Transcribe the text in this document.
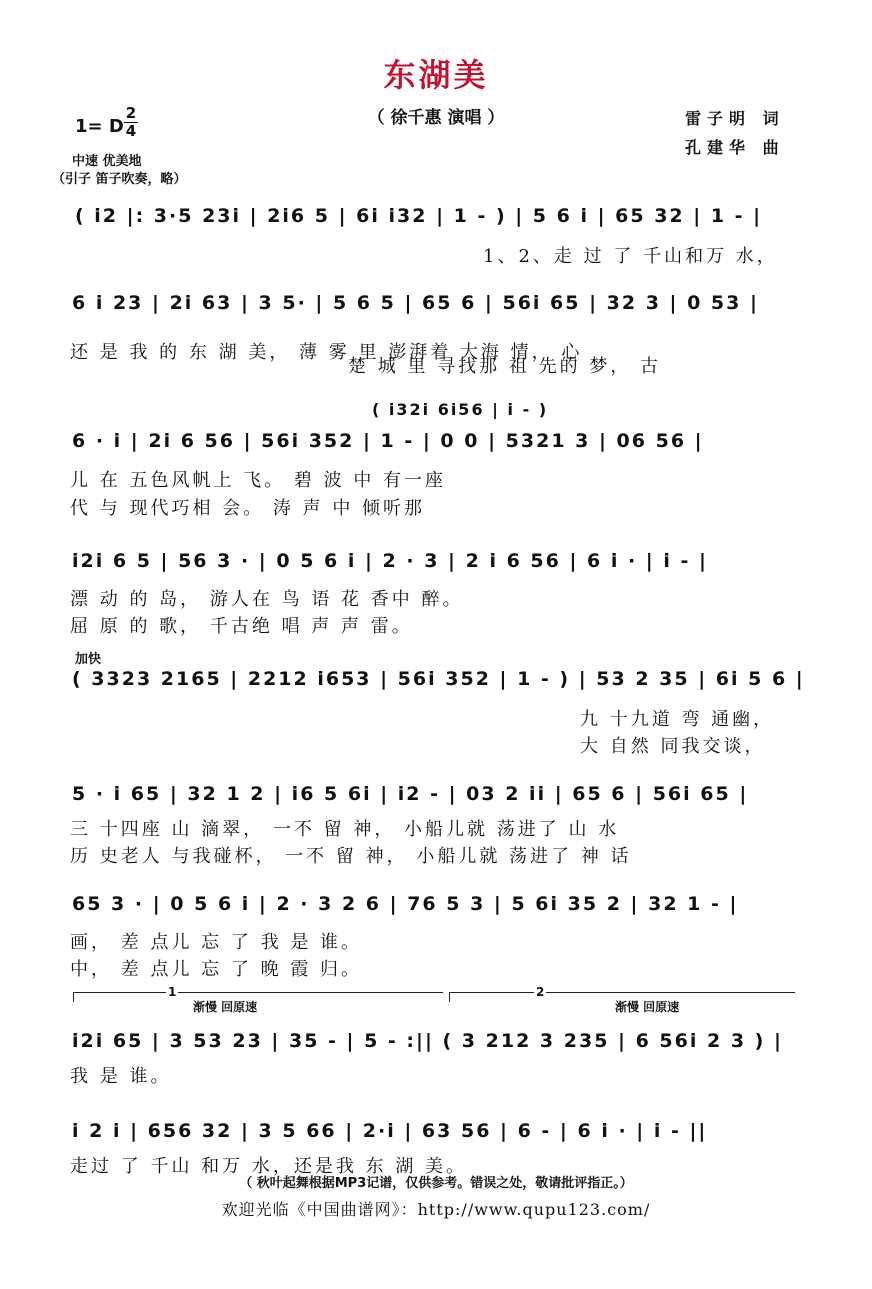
东湖美
（ 徐千惠 演唱 ）	雷子明 词
孔建华 曲
1= D
2
4
中速 优美地
（引子 笛子吹奏，略）
( i2 |: 3·5 23i | 2i6 5 | 6i i32 | 1 - ) | 5 6 i | 65 32 | 1 - |
1、2、走 过 了 千山和万 水，
6 i 23 | 2i 63 | 3 5· | 5 6 5 | 65 6 | 56i 65 | 32 3 | 0 53 |
还 是 我 的 东 湖 美， 薄 雾 里 澎湃着 大海 情， 心
楚 城 里 寻找那 祖 先的 梦， 古
( i32i 6i56 | i - )
6 · i | 2i 6 56 | 56i 352 | 1 - | 0 0 | 5321 3 | 06 56 |
儿 在 五色风帆上 飞。 碧 波 中 有一座
代 与 现代巧相 会。 涛 声 中 倾听那
i2i 6 5 | 56 3 · | 0 5 6 i | 2 · 3 | 2 i 6 56 | 6 i · | i - |
漂 动 的 岛， 游人在 鸟 语 花 香中 醉。
屈 原 的 歌， 千古绝 唱 声 声 雷。
加快
( 3323 2165 | 2212 i653 | 56i 352 | 1 - ) | 53 2 35 | 6i 5 6 |
九 十九道 弯 通幽，
大 自然 同我交谈，
5 · i 65 | 32 1 2 | i6 5 6i | i2 - | 03 2 ii | 65 6 | 56i 65 |
三 十四座 山 滴翠， 一不 留 神， 小船儿就 荡进了 山 水
历 史老人 与我碰杯， 一不 留 神， 小船儿就 荡进了 神 话
65 3 · | 0 5 6 i | 2 · 3 2 6 | 76 5 3 | 5 6i 35 2 | 32 1 - |
画， 差 点儿 忘 了 我 是 谁。
中， 差 点儿 忘 了 晚 霞 归。
1	2
渐慢 回原速	渐慢 回原速
i2i 65 | 3 53 23 | 35 - | 5 - :|| ( 3 212 3 235 | 6 56i 2 3 ) |
我 是 谁。
i 2 i | 656 32 | 3 5 66 | 2·i | 63 56 | 6 - | 6 i · | i - ||
走过 了 千山 和万 水，还是我 东 湖 美。
（ 秋叶起舞根据MP3记谱，仅供参考。错误之处，敬请批评指正。）
欢迎光临《中国曲谱网》：http://www.qupu123.com/
